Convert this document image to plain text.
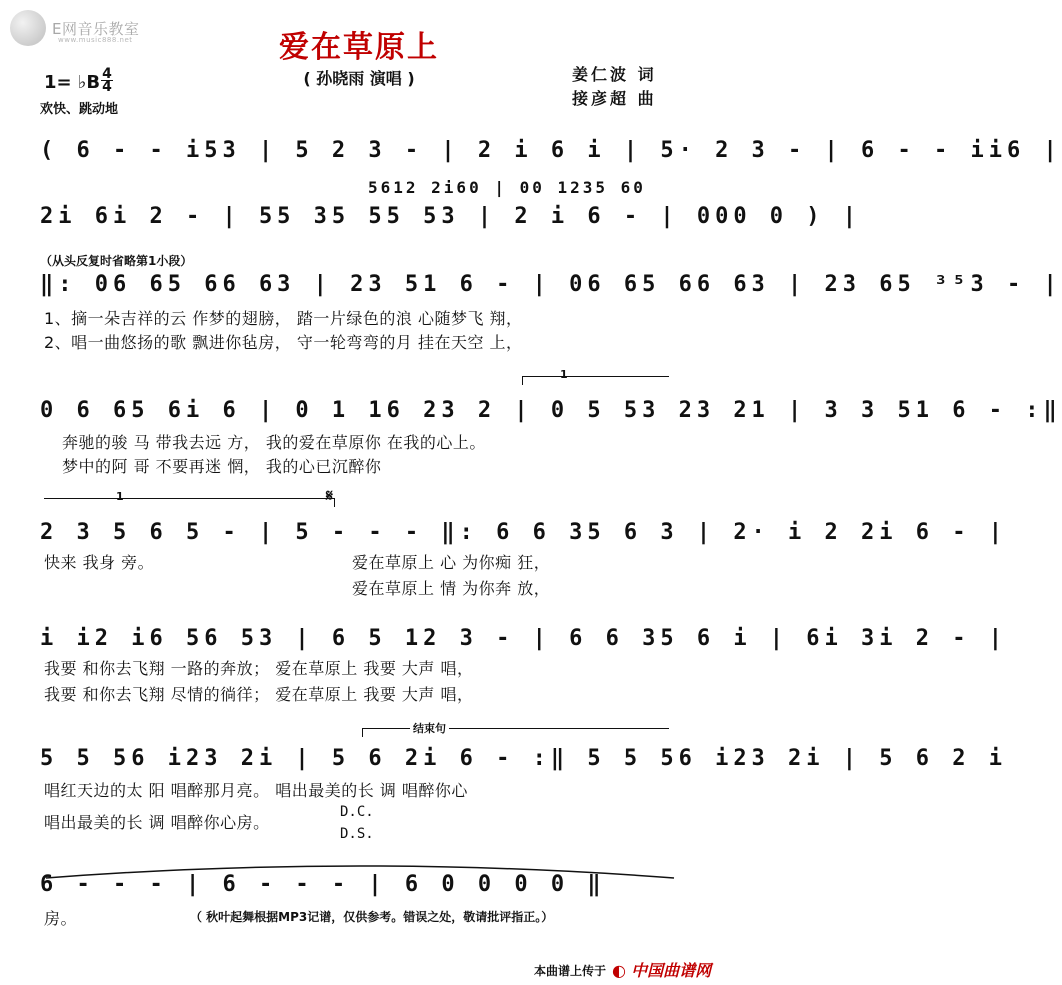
E网音乐教室
www.music888.net	爱在草原上
( 孙晓雨 演唱 )	姜仁波 词
接彦超 曲
1= ♭B 4
4
欢快、跳动地
( 6 - - i53 | 5 2 3 - | 2 i 6 i | 5· 2 3 - | 6 - - ii6 |
5612 2i60 | 00 1235 60
2i 6i 2 - | 55 35 55 53 | 2 i 6 - | 000 0 ) |
（从头反复时省略第1小段）
‖: 06 65 66 63 | 23 51 6 - | 06 65 66 63 | 23 65 ³⁵3 - |
1、摘一朵吉祥的云 作梦的翅膀， 踏一片绿色的浪 心随梦飞 翔，
2、唱一曲悠扬的歌 飘进你毡房， 守一轮弯弯的月 挂在天空 上，
1
0 6 65 6i 6 | 0 1 16 23 2 | 0 5 53 23 21 | 3 3 51 6 - :‖
奔驰的骏 马 带我去远 方， 我的爱在草原你 在我的心上。
梦中的阿 哥 不要再迷 惘， 我的心已沉醉你
1	𝄋
2 3 5 6 5 - | 5 - - - ‖: 6 6 35 6 3 | 2· i 2 2i 6 - |
快来 我身 旁。	爱在草原上 心 为你痴 狂，
爱在草原上 情 为你奔 放，
i i2 i6 56 53 | 6 5 12 3 - | 6 6 35 6 i | 6i 3i 2 - |
我要 和你去飞翔 一路的奔放； 爱在草原上 我要 大声 唱，
我要 和你去飞翔 尽情的徜徉； 爱在草原上 我要 大声 唱，
结束句
5 5 56 i23 2i | 5 6 2i 6 - :‖ 5 5 56 i23 2i | 5 6 2 i
唱红天边的太 阳 唱醉那月亮。 唱出最美的长 调 唱醉你心
唱出最美的长 调 唱醉你心房。
D.C.
D.S.
6 - - - | 6 - - - | 6 0 0 0 0 ‖
房。	（ 秋叶起舞根据MP3记谱，仅供参考。错误之处，敬请批评指正。）
本曲谱上传于 ◐ 中国曲谱网
